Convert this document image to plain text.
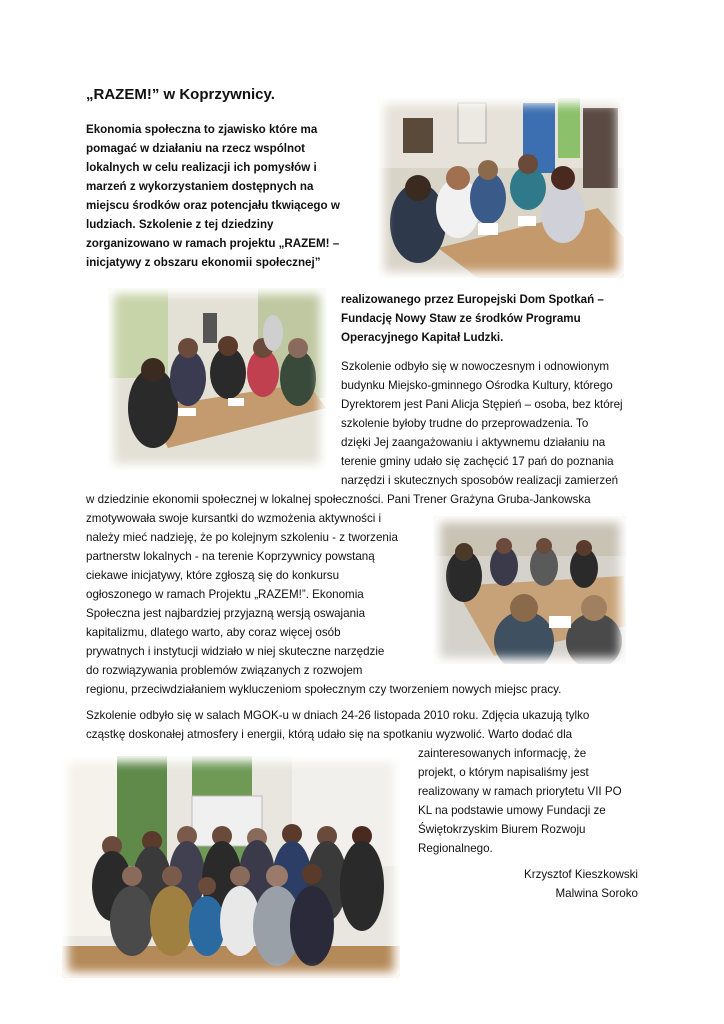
„RAZEM!” w Koprzywnicy.
Ekonomia społeczna to zjawisko które ma
pomagać w działaniu na rzecz wspólnot
lokalnych w celu realizacji ich pomysłów i
marzeń z wykorzystaniem dostępnych na
miejscu środków oraz potencjału tkwiącego w
ludziach. Szkolenie z tej dziedziny
zorganizowano w ramach projektu „RAZEM! –
inicjatywy z obszaru ekonomii społecznej”
realizowanego przez Europejski Dom Spotkań –
Fundację Nowy Staw ze środków Programu
Operacyjnego Kapitał Ludzki.
Szkolenie odbyło się w nowoczesnym i odnowionym
budynku Miejsko-gminnego Ośrodka Kultury, którego
Dyrektorem jest Pani Alicja Stępień – osoba, bez której
szkolenie byłoby trudne do przeprowadzenia. To
dzięki Jej zaangażowaniu i aktywnemu działaniu na
terenie gminy udało się zachęcić 17 pań do poznania
narzędzi i skutecznych sposobów realizacji zamierzeń
w dziedzinie ekonomii społecznej w lokalnej społeczności. Pani Trener Grażyna Gruba-Jankowska
zmotywowała swoje kursantki do wzmożenia aktywności i
należy mieć nadzieję, że po kolejnym szkoleniu - z tworzenia
partnerstw lokalnych - na terenie Koprzywnicy powstaną
ciekawe inicjatywy, które zgłoszą się do konkursu
ogłoszonego w ramach Projektu „RAZEM!”. Ekonomia
Społeczna jest najbardziej przyjazną wersją oswajania
kapitalizmu, dlatego warto, aby coraz więcej osób
prywatnych i instytucji widziało w niej skuteczne narzędzie
do rozwiązywania problemów związanych z rozwojem
regionu, przeciwdziałaniem wykluczeniom społecznym czy tworzeniem nowych miejsc pracy.
Szkolenie odbyło się w salach MGOK-u w dniach 24-26 listopada 2010 roku. Zdjęcia ukazują tylko
cząstkę doskonałej atmosfery i energii, którą udało się na spotkaniu wyzwolić. Warto dodać dla
zainteresowanych informację, że
projekt, o którym napisaliśmy jest
realizowany w ramach priorytetu VII PO
KL na podstawie umowy Fundacji ze
Świętokrzyskim Biurem Rozwoju
Regionalnego.
Krzysztof Kieszkowski
Malwina Soroko
